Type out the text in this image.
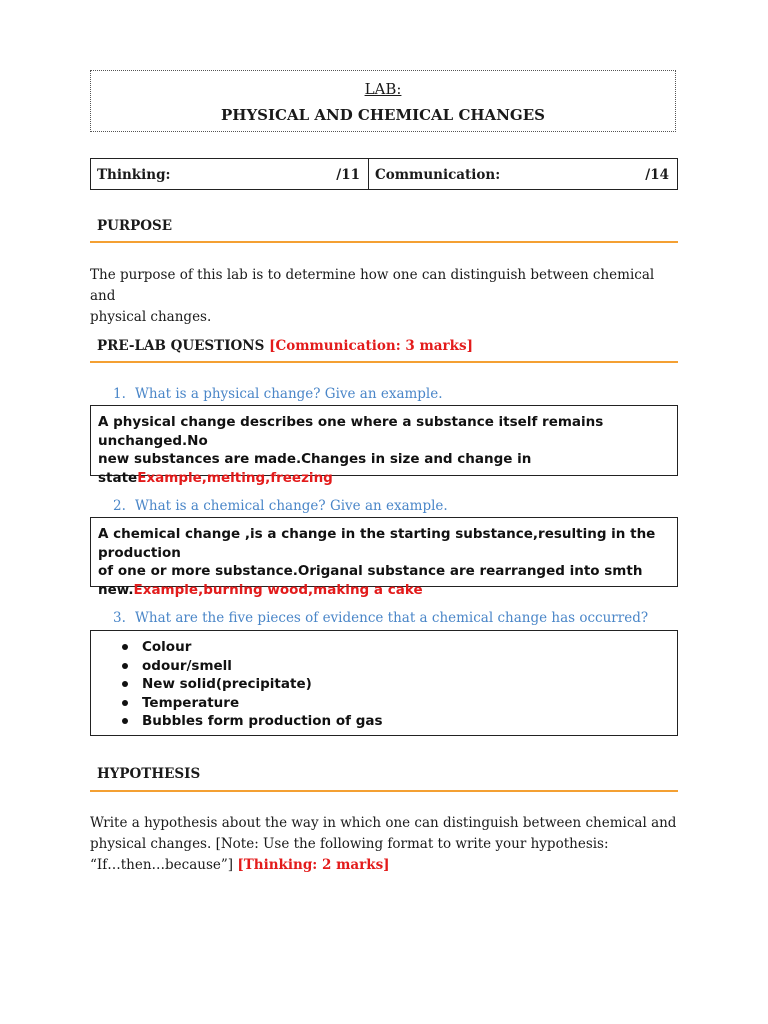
LAB:
PHYSICAL AND CHEMICAL CHANGES
Thinking:	/11 Communication:	/14
PURPOSE
The purpose of this lab is to determine how one can distinguish between chemical and
physical changes.
PRE-LAB QUESTIONS [Communication: 3 marks]
1. What is a physical change? Give an example.
A physical change describes one where a substance itself remains unchanged.No
new substances are made.Changes in size and change in
stateExample,melting,freezing
2. What is a chemical change? Give an example.
A chemical change ,is a change in the starting substance,resulting in the production
of one or more substance.Origanal substance are rearranged into smth
new.Example,burning wood,making a cake
3. What are the five pieces of evidence that a chemical change has occurred?
Colour
odour/smell
New solid(precipitate)
Temperature
Bubbles form production of gas
HYPOTHESIS
Write a hypothesis about the way in which one can distinguish between chemical and
physical changes. [Note: Use the following format to write your hypothesis:
“If…then…because”] [Thinking: 2 marks]
